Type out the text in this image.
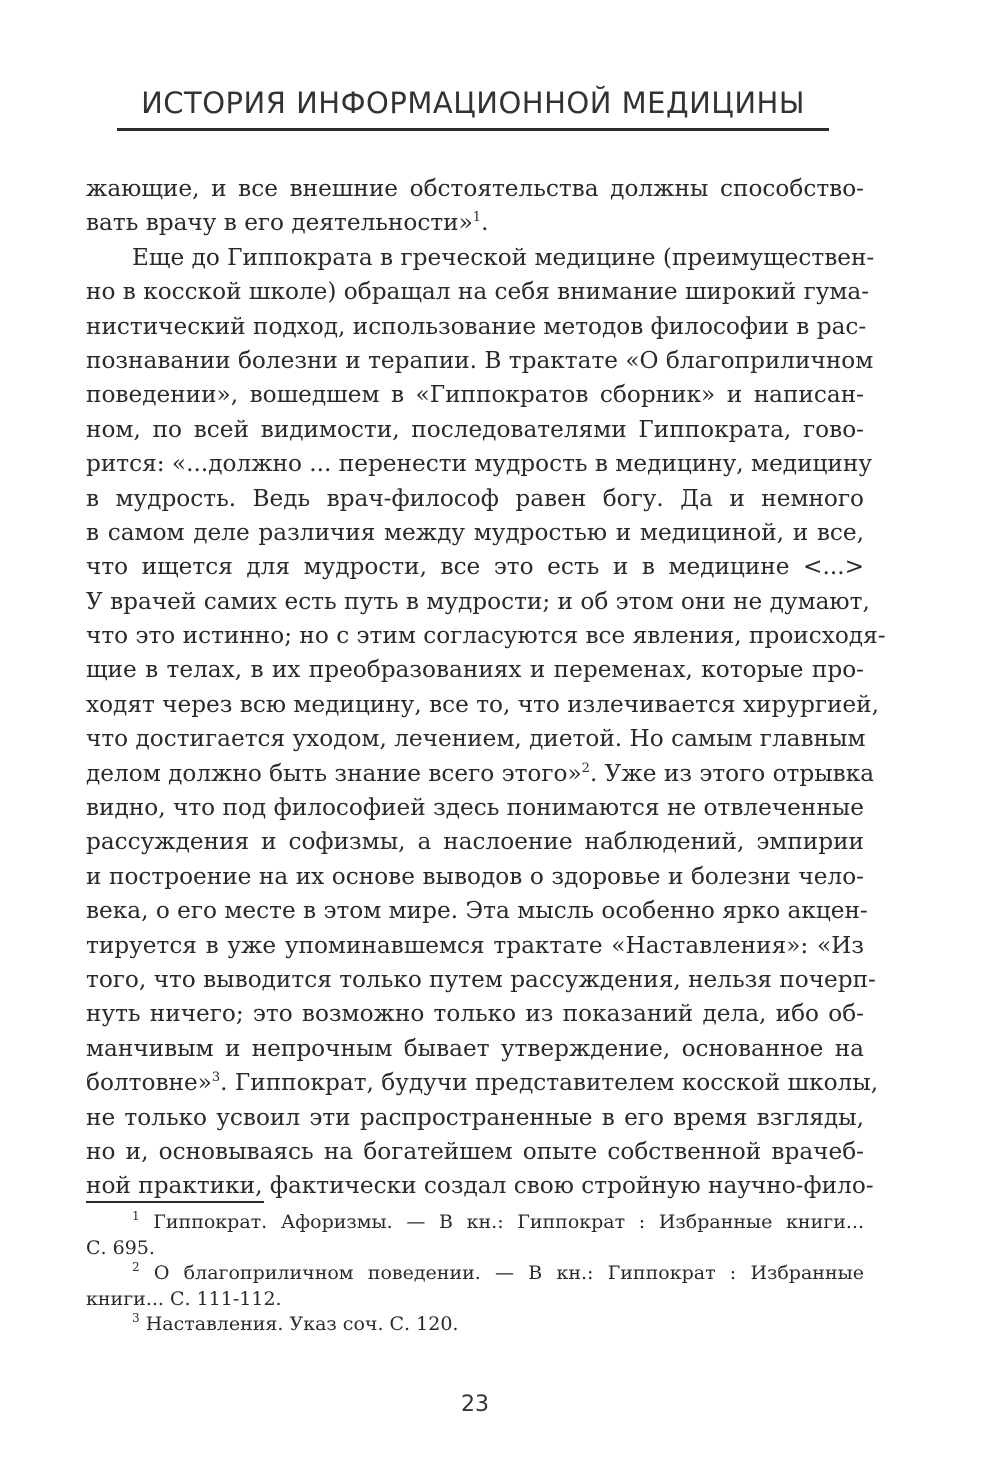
ИСТОРИЯ ИНФОРМАЦИОННОЙ МЕДИЦИНЫ
жающие, и все внешние обстоятельства должны способство-
вать врачу в его деятельности»$^1$.
Еще до Гиппократа в греческой медицине (преимуществен-
но в косской школе) обращал на себя внимание широкий гума-
нистический подход, использование методов философии в рас-
познавании болезни и терапии. В трактате «О благоприличном
поведении», вошедшем в «Гиппократов сборник» и написан-
ном, по всей видимости, последователями Гиппократа, гово-
рится: «...должно ... перенести мудрость в медицину, медицину
в мудрость. Ведь врач-философ равен богу. Да и немного
в самом деле различия между мудростью и медициной, и все,
что ищется для мудрости, все это есть и в медицине <...>
У врачей самих есть путь в мудрости; и об этом они не думают,
что это истинно; но с этим согласуются все явления, происходя-
щие в телах, в их преобразованиях и переменах, которые про-
ходят через всю медицину, все то, что излечивается хирургией,
что достигается уходом, лечением, диетой. Но самым главным
делом должно быть знание всего этого»$^2$. Уже из этого отрывка
видно, что под философией здесь понимаются не отвлеченные
рассуждения и софизмы, а наслоение наблюдений, эмпирии
и построение на их основе выводов о здоровье и болезни чело-
века, о его месте в этом мире. Эта мысль особенно ярко акцен-
тируется в уже упоминавшемся трактате «Наставления»: «Из
того, что выводится только путем рассуждения, нельзя почерп-
нуть ничего; это возможно только из показаний дела, ибо об-
манчивым и непрочным бывает утверждение, основанное на
болтовне»$^3$. Гиппократ, будучи представителем косской школы,
не только усвоил эти распространенные в его время взгляды,
но и, основываясь на богатейшем опыте собственной врачеб-
ной практики, фактически создал свою стройную научно-фило-
$^1$ Гиппократ. Афоризмы. — В кн.: Гиппократ : Избранные книги...
С. 695.
$^2$ О благоприличном поведении. — В кн.: Гиппократ : Избранные
книги... С. 111-112.
$^3$ Наставления. Указ соч. С. 120.
23
